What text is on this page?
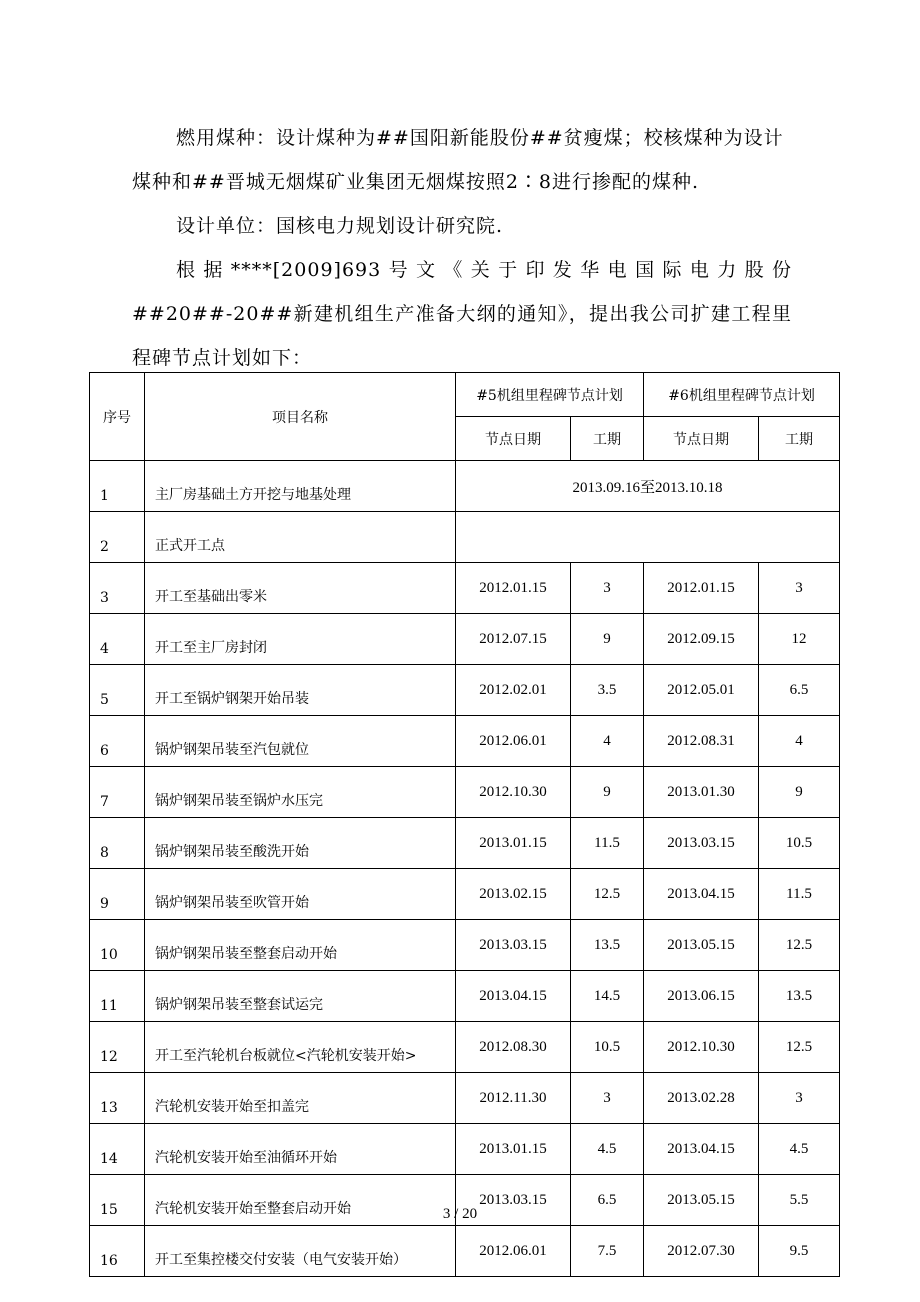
燃用煤种：设计煤种为##国阳新能股份##贫瘦煤；校核煤种为设计煤种和##晋城无烟煤矿业集团无烟煤按照2∶8进行掺配的煤种.

设计单位：国核电力规划设计研究院.

根据****[2009]693号文《关于印发华电国际电力股份##20##-20##新建机组生产准备大纲的通知》，提出我公司扩建工程里程碑节点计划如下：

序号	项目名称	#5机组里程碑节点计划		#6机组里程碑节点计划	
		节点日期	工期	节点日期	工期
1	主厂房基础土方开挖与地基处理	2013.09.16至2013.10.18			
2	正式开工点				
3	开工至基础出零米	2012.01.15	3	2012.01.15	3
4	开工至主厂房封闭	2012.07.15	9	2012.09.15	12
5	开工至锅炉钢架开始吊装	2012.02.01	3.5	2012.05.01	6.5
6	锅炉钢架吊装至汽包就位	2012.06.01	4	2012.08.31	4
7	锅炉钢架吊装至锅炉水压完	2012.10.30	9	2013.01.30	9
8	锅炉钢架吊装至酸洗开始	2013.01.15	11.5	2013.03.15	10.5
9	锅炉钢架吊装至吹管开始	2013.02.15	12.5	2013.04.15	11.5
10	锅炉钢架吊装至整套启动开始	2013.03.15	13.5	2013.05.15	12.5
11	锅炉钢架吊装至整套试运完	2013.04.15	14.5	2013.06.15	13.5
12	开工至汽轮机台板就位<汽轮机安装开始>	2012.08.30	10.5	2012.10.30	12.5
13	汽轮机安装开始至扣盖完	2012.11.30	3	2013.02.28	3
14	汽轮机安装开始至油循环开始	2013.01.15	4.5	2013.04.15	4.5
15	汽轮机安装开始至整套启动开始	2013.03.15	6.5	2013.05.15	5.5
16	开工至集控楼交付安装（电气安装开始）	2012.06.01	7.5	2012.07.30	9.5
3 / 20
